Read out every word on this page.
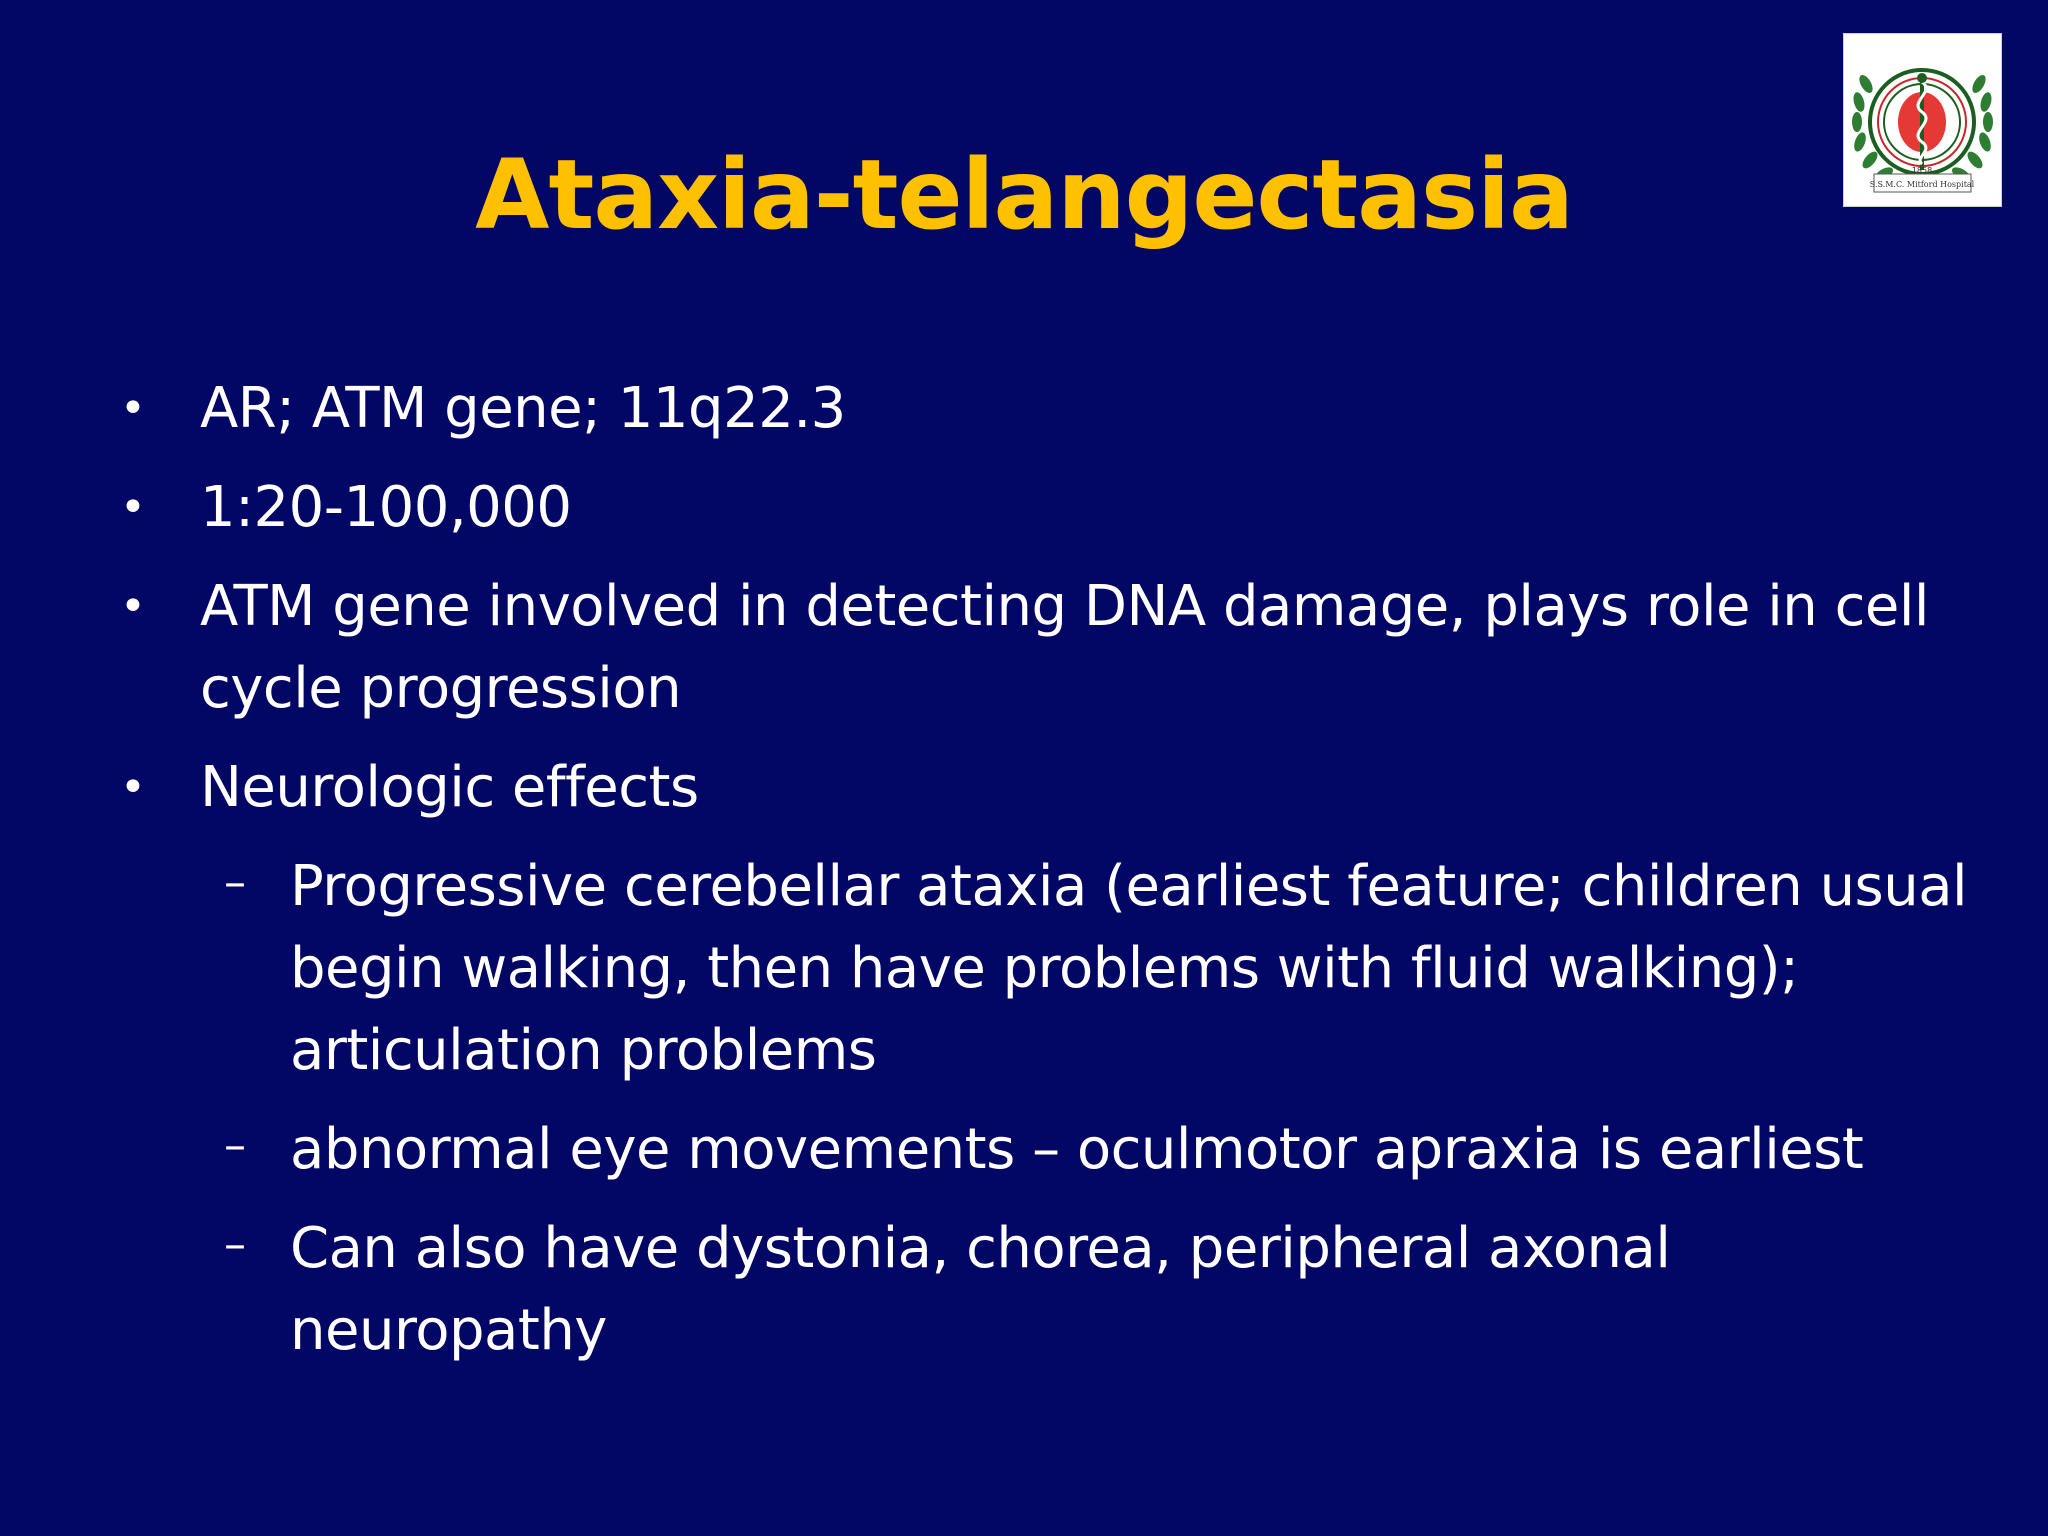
Ataxia-telangectasia	1858
S.S.M.C. Mitford Hospital
• AR; ATM gene; 11q22.3
• 1:20-100,000
• ATM gene involved in detecting DNA damage, plays role in cell cycle progression
• Neurologic effects
– Progressive cerebellar ataxia (earliest feature; children usual begin walking, then have problems with fluid walking); articulation problems
– abnormal eye movements – oculmotor apraxia is earliest
– Can also have dystonia, chorea, peripheral axonal neuropathy
